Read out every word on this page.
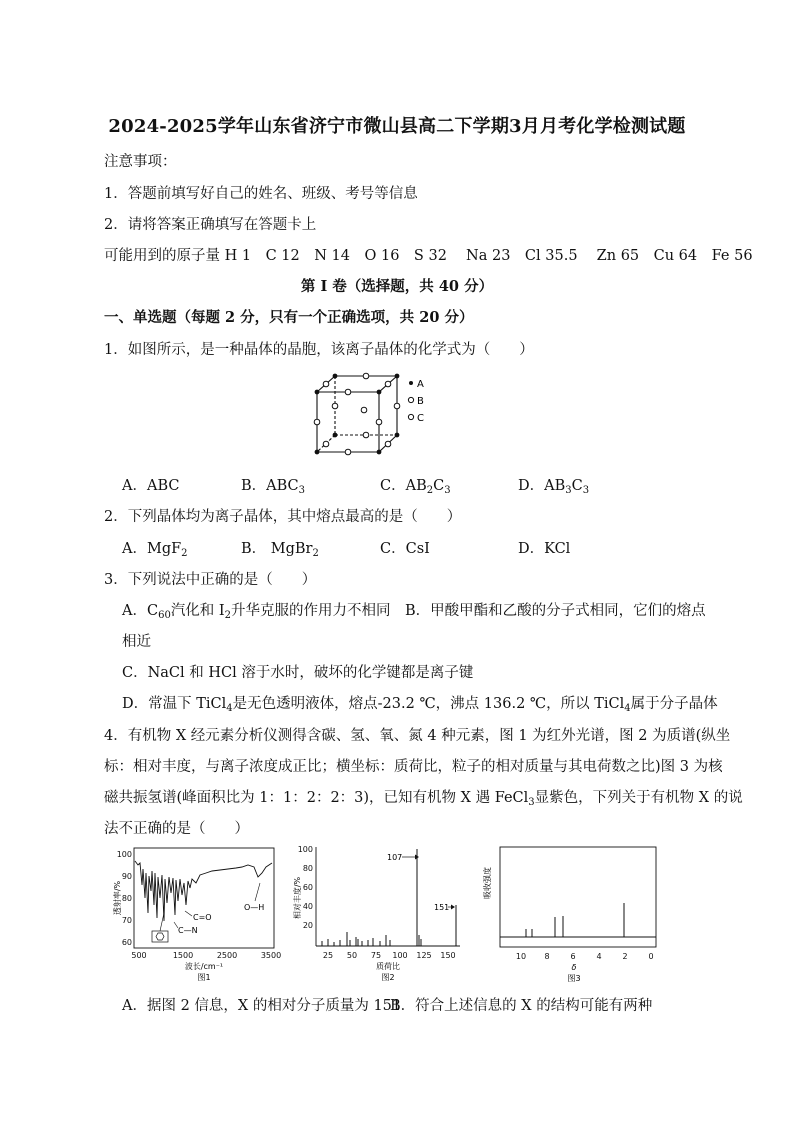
2024-2025学年山东省济宁市微山县高二下学期3月月考化学检测试题
注意事项：
1．答题前填写好自己的姓名、班级、考号等信息
2．请将答案正确填写在答题卡上
可能用到的原子量 H 1　C 12　N 14　O 16　S 32　 Na 23　Cl 35.5　 Zn 65　Cu 64　Fe 56
第 I 卷（选择题，共 40 分）
一、单选题（每题 2 分，只有一个正确选项，共 20 分）
1．如图所示，是一种晶体的晶胞，该离子晶体的化学式为（　　）
A
B
C
A．ABC	B．$ABC_3$	C．$AB_2C_3$	D．$AB_3C_3$
2．下列晶体均为离子晶体，其中熔点最高的是（　　）
A．MgF$_2$	B． MgBr$_2$	C．CsI	D．KCl
3．下列说法中正确的是（　　）
A．$C_{60}$汽化和 $I_2$升华克服的作用力不相同 B．甲酸甲酯和乙酸的分子式相同，它们的熔点
相近
C．NaCl 和 HCl 溶于水时，破坏的化学键都是离子键
D．常温下 TiCl$_4$是无色透明液体，熔点-23.2 ℃，沸点 136.2 ℃，所以 TiCl$_4$属于分子晶体
4．有机物 X 经元素分析仪测得含碳、氢、氧、氮 4 种元素，图 1 为红外光谱，图 2 为质谱(纵坐
标：相对丰度，与离子浓度成正比；横坐标：质荷比，粒子的相对质量与其电荷数之比)图 3 为核
磁共振氢谱(峰面积比为 1：1：2：2：3)，已知有机物 X 遇 FeCl$_3$显紫色，下列关于有机物 X 的说
法不正确的是（　　）
100
90
80
70
60
500	1500	2500	3500
透射率/%
波长/cm⁻¹
图1
C=O
C—N
O—H
100
80
60
40
20
25 50 75 100 125 150
相对丰度/%
质荷比
图2
107
151
吸收强度
10 8	6	4	2	0
δ
图3
A．据图 2 信息，X 的相对分子质量为 151
B．符合上述信息的 X 的结构可能有两种
